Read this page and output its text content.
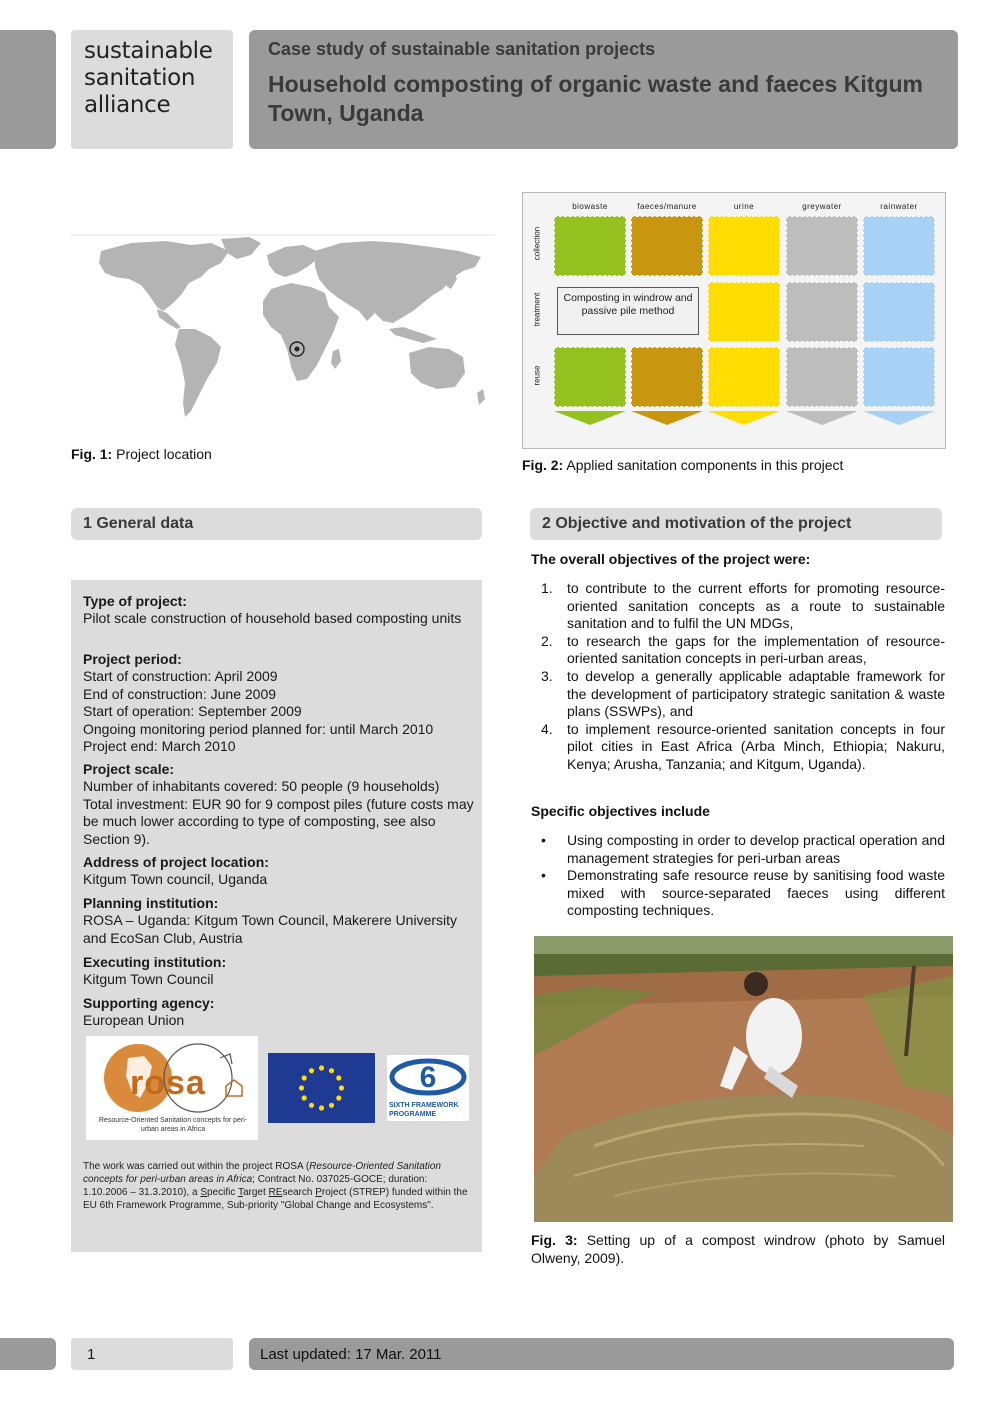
sustainable
sanitation
alliance
Case study of sustainable sanitation projects
Household composting of organic waste and faeces Kitgum Town, Uganda
Fig. 1: Project location
biowaste	faeces/manure	urine	greywater	rainwater
collection
treatment
reuse
Composting in windrow and passive pile method
Fig. 2: Applied sanitation components in this project
1 General data
Type of project:
Pilot scale construction of household based composting units
Project period:
Start of construction: April 2009
End of construction: June 2009
Start of operation: September 2009
Ongoing monitoring period planned for: until March 2010
Project end: March 2010
Project scale:
Number of inhabitants covered: 50 people (9 households)
Total investment: EUR 90 for 9 compost piles (future costs may be much lower according to type of composting, see also Section 9).
Address of project location:
Kitgum Town council, Uganda
Planning institution:
ROSA – Uganda: Kitgum Town Council, Makerere University and EcoSan Club, Austria
Executing institution:
Kitgum Town Council
Supporting agency:
European Union
rosa
Resource-Oriented Sanitation concepts for peri-urban areas in Africa
6
SIXTH FRAMEWORK PROGRAMME
The work was carried out within the project ROSA (Resource-Oriented Sanitation concepts for peri-urban areas in Africa; Contract No. 037025-GOCE; duration: 1.10.2006 – 31.3.2010), a Specific Target REsearch Project (STREP) funded within the EU 6th Framework Programme, Sub-priority "Global Change and Ecosystems".
2 Objective and motivation of the project
The overall objectives of the project were:
1. to contribute to the current efforts for promoting resource-oriented sanitation concepts as a route to sustainable sanitation and to fulfil the UN MDGs,
2. to research the gaps for the implementation of resource-oriented sanitation concepts in peri-urban areas,
3. to develop a generally applicable adaptable framework for the development of participatory strategic sanitation & waste plans (SSWPs), and
4. to implement resource-oriented sanitation concepts in four pilot cities in East Africa (Arba Minch, Ethiopia; Nakuru, Kenya; Arusha, Tanzania; and Kitgum, Uganda).
Specific objectives include
• Using composting in order to develop practical operation and management strategies for peri-urban areas
• Demonstrating safe resource reuse by sanitising food waste mixed with source-separated faeces using different composting techniques.
Fig. 3: Setting up of a compost windrow (photo by Samuel Olweny, 2009).
1	Last updated: 17 Mar. 2011
